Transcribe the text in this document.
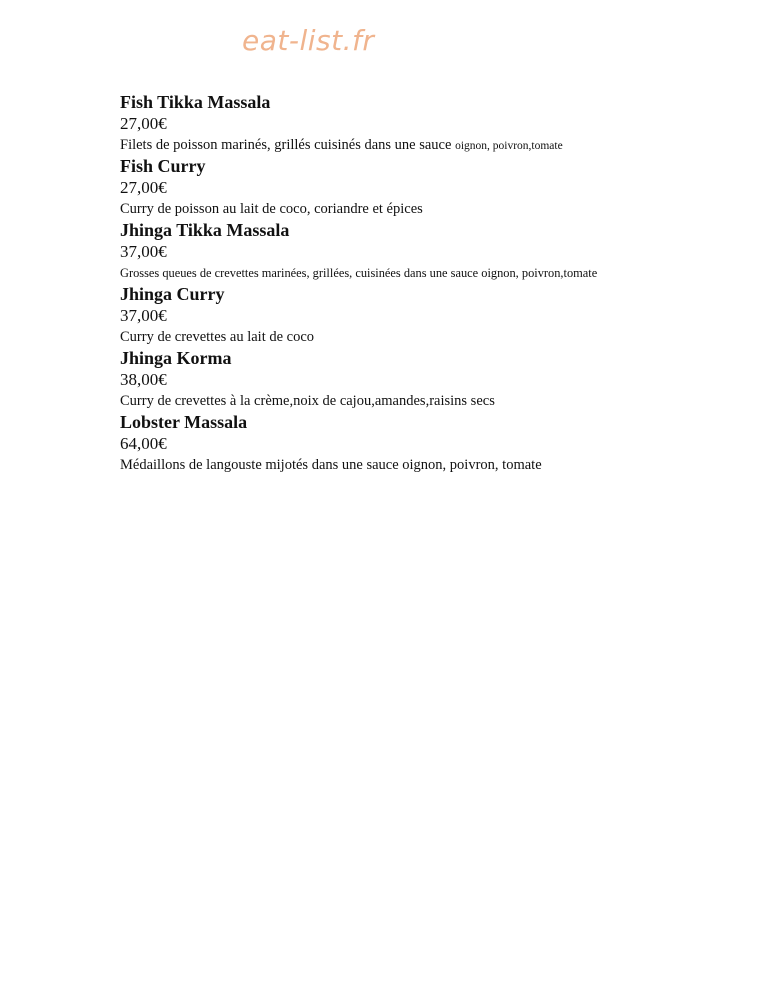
eat-list.fr
Fish Tikka Massala
27,00€
Filets de poisson marinés, grillés cuisinés dans une sauce oignon, poivron,tomate
Fish Curry
27,00€
Curry de poisson au lait de coco, coriandre et épices
Jhinga Tikka Massala
37,00€
Grosses queues de crevettes marinées, grillées, cuisinées dans une sauce oignon, poivron,tomate
Jhinga Curry
37,00€
Curry de crevettes au lait de coco
Jhinga Korma
38,00€
Curry de crevettes à la crème,noix de cajou,amandes,raisins secs
Lobster Massala
64,00€
Médaillons de langouste mijotés dans une sauce oignon, poivron, tomate
